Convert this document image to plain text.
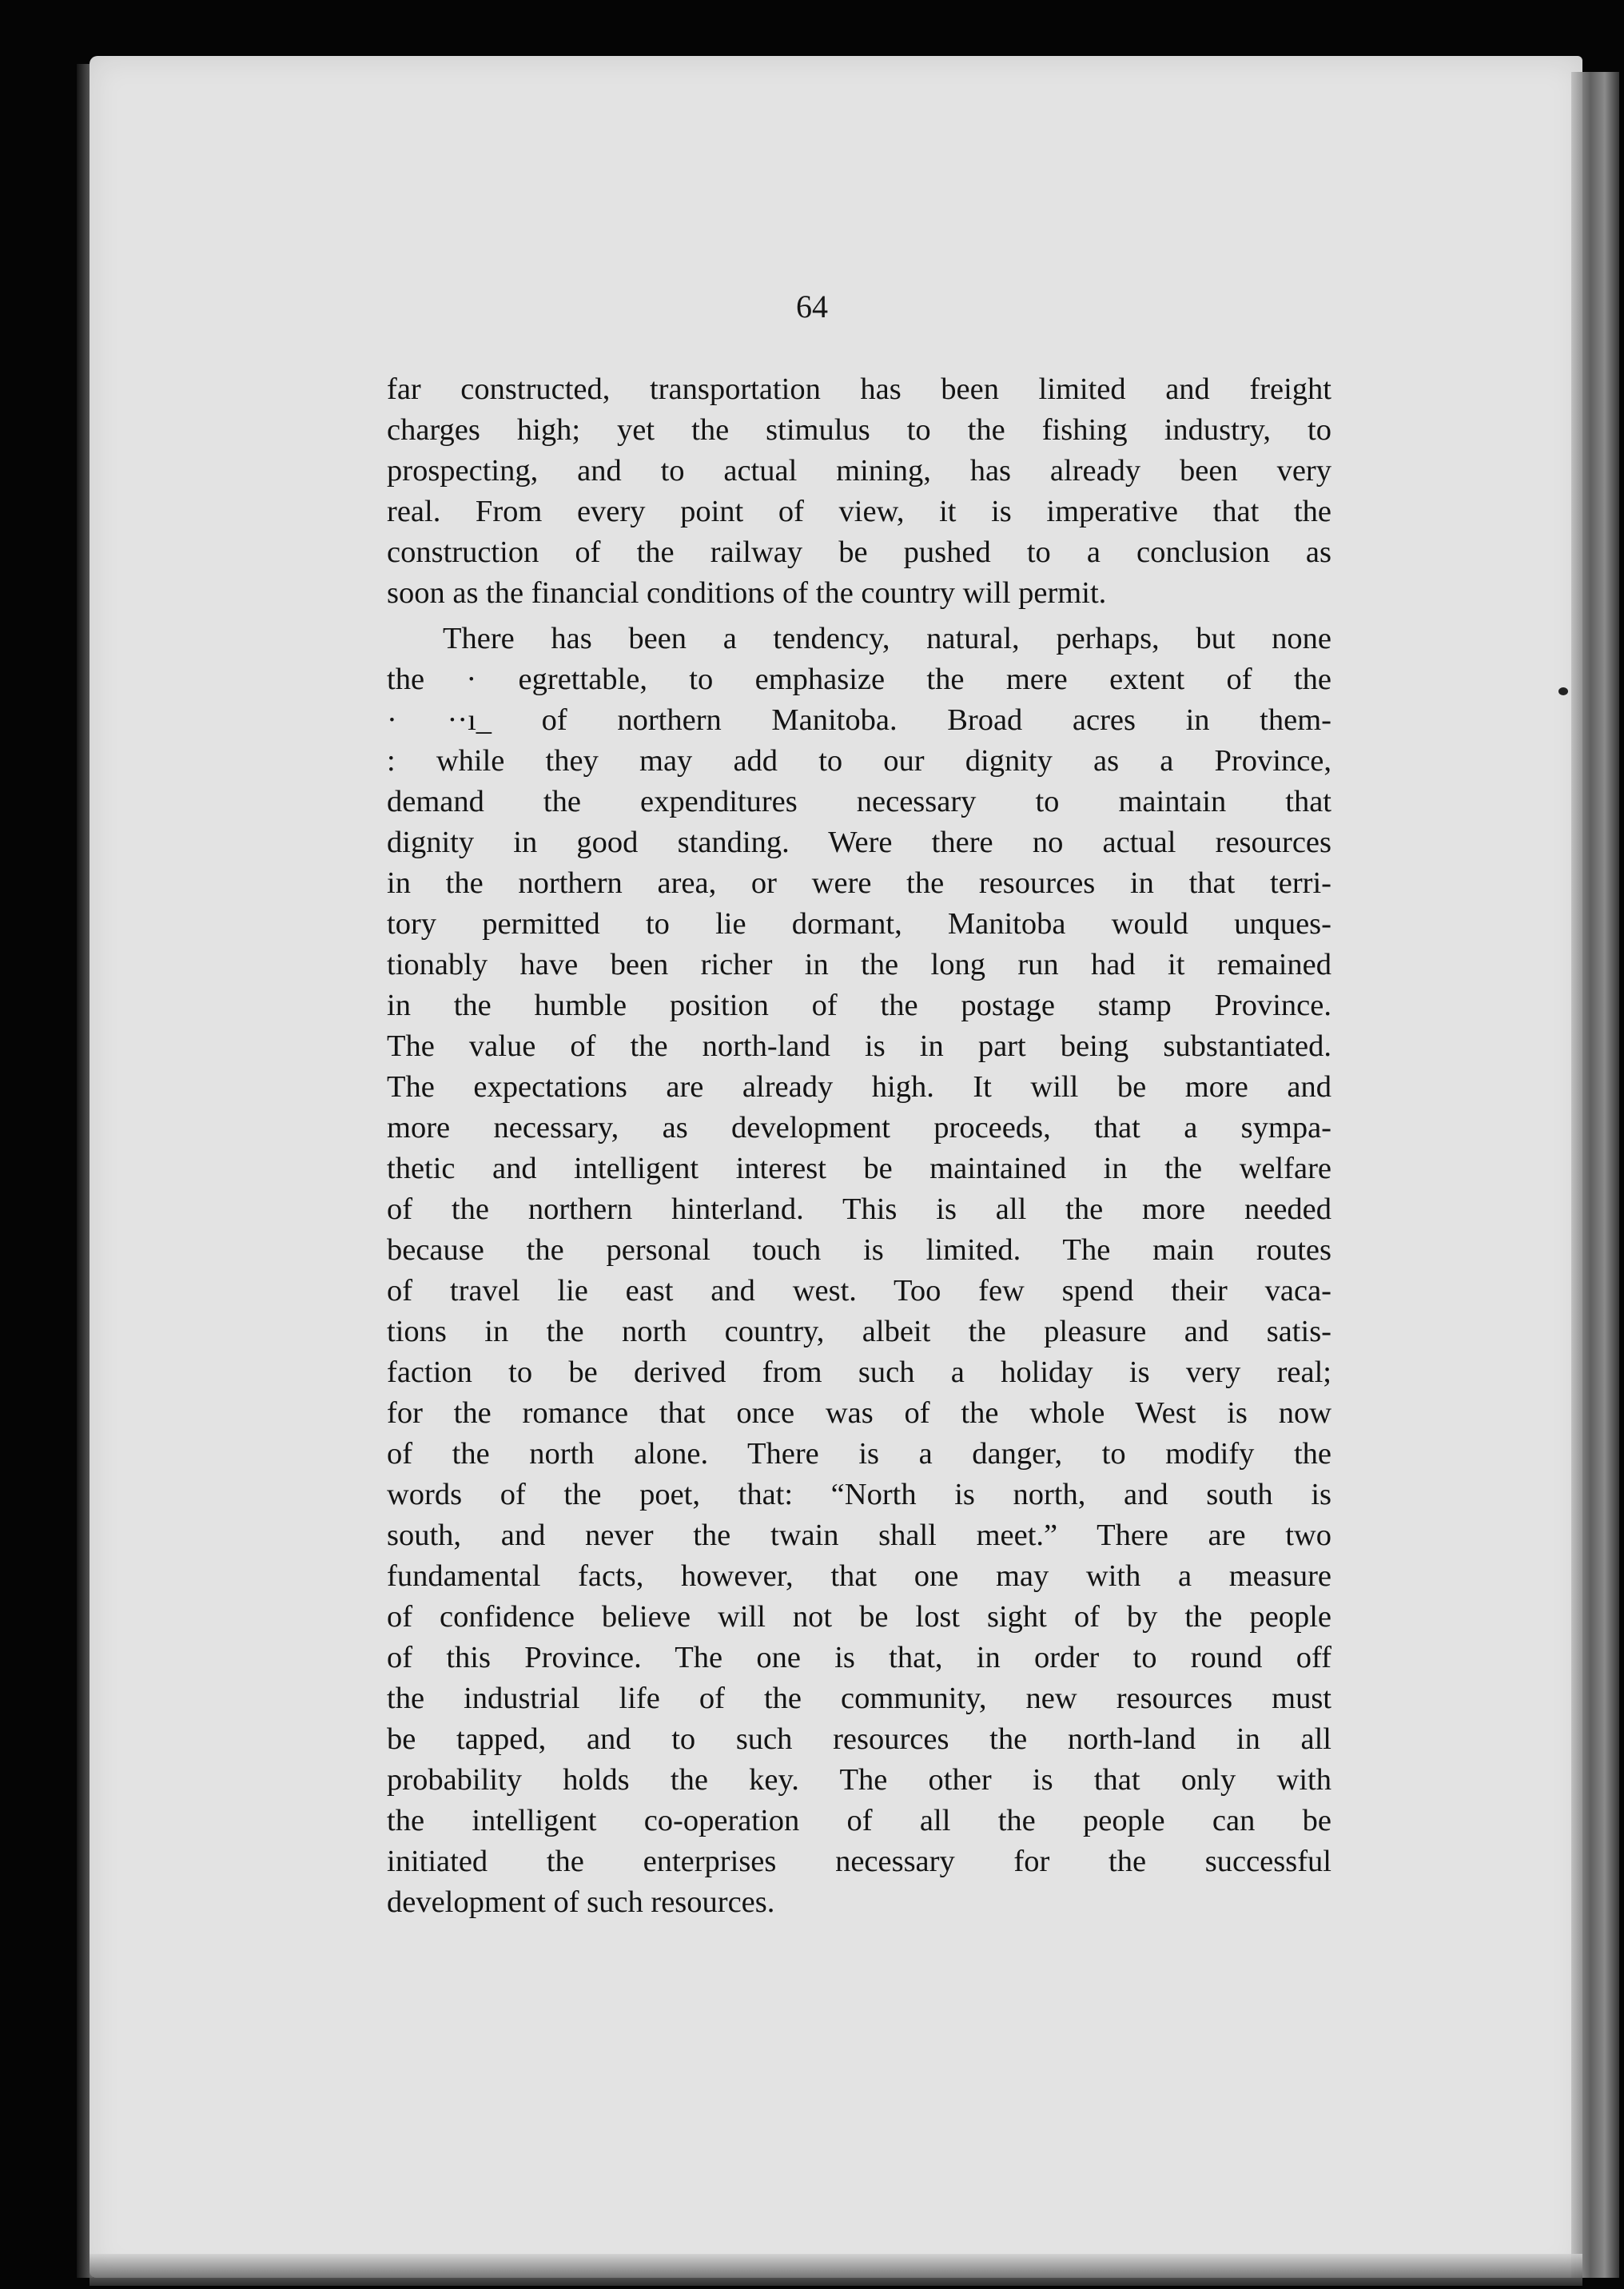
64
far constructed, transportation has been limited and freight
charges high; yet the stimulus to the fishing industry, to
prospecting, and to actual mining, has already been very
real. From every point of view, it is imperative that the
construction of the railway be pushed to a conclusion as
soon as the financial conditions of the country will permit.
There has been a tendency, natural, perhaps, but none
the · egrettable, to emphasize the mere extent of the
· ··ı_ of northern Manitoba. Broad acres in them-
: while they may add to our dignity as a Province,
demand the expenditures necessary to maintain that
dignity in good standing. Were there no actual resources
in the northern area, or were the resources in that terri-
tory permitted to lie dormant, Manitoba would unques-
tionably have been richer in the long run had it remained
in the humble position of the postage stamp Province.
The value of the north-land is in part being substantiated.
The expectations are already high. It will be more and
more necessary, as development proceeds, that a sympa-
thetic and intelligent interest be maintained in the welfare
of the northern hinterland. This is all the more needed
because the personal touch is limited. The main routes
of travel lie east and west. Too few spend their vaca-
tions in the north country, albeit the pleasure and satis-
faction to be derived from such a holiday is very real;
for the romance that once was of the whole West is now
of the north alone. There is a danger, to modify the
words of the poet, that: “North is north, and south is
south, and never the twain shall meet.” There are two
fundamental facts, however, that one may with a measure
of confidence believe will not be lost sight of by the people
of this Province. The one is that, in order to round off
the industrial life of the community, new resources must
be tapped, and to such resources the north-land in all
probability holds the key. The other is that only with
the intelligent co-operation of all the people can be
initiated the enterprises necessary for the successful
development of such resources.
